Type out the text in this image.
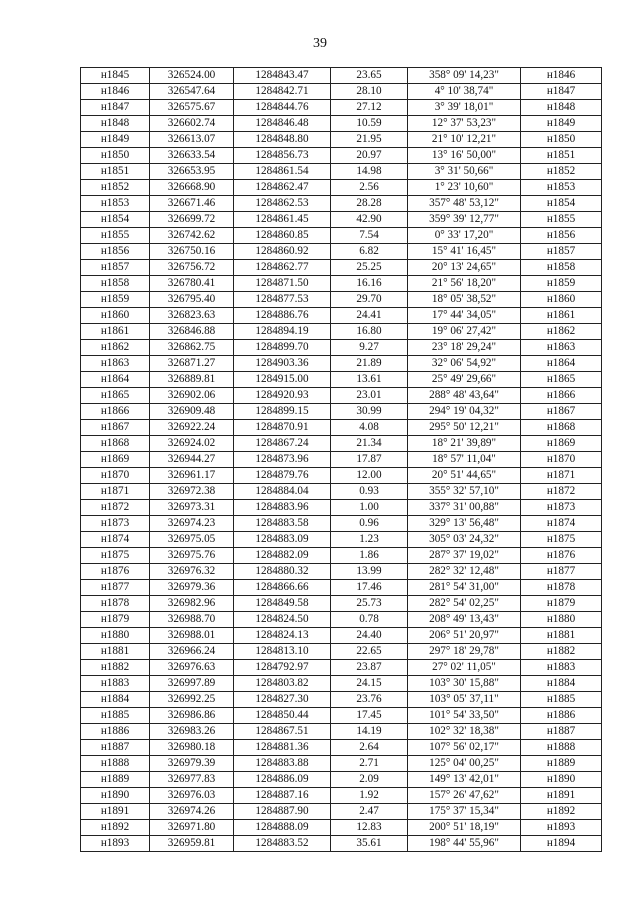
39
н1845	326524.00	1284843.47	23.65	358° 09' 14,23"	н1846
н1846	326547.64	1284842.71	28.10	4° 10' 38,74"	н1847
н1847	326575.67	1284844.76	27.12	3° 39' 18,01"	н1848
н1848	326602.74	1284846.48	10.59	12° 37' 53,23"	н1849
н1849	326613.07	1284848.80	21.95	21° 10' 12,21"	н1850
н1850	326633.54	1284856.73	20.97	13° 16' 50,00"	н1851
н1851	326653.95	1284861.54	14.98	3° 31' 50,66"	н1852
н1852	326668.90	1284862.47	2.56	1° 23' 10,60"	н1853
н1853	326671.46	1284862.53	28.28	357° 48' 53,12"	н1854
н1854	326699.72	1284861.45	42.90	359° 39' 12,77"	н1855
н1855	326742.62	1284860.85	7.54	0° 33' 17,20"	н1856
н1856	326750.16	1284860.92	6.82	15° 41' 16,45"	н1857
н1857	326756.72	1284862.77	25.25	20° 13' 24,65"	н1858
н1858	326780.41	1284871.50	16.16	21° 56' 18,20"	н1859
н1859	326795.40	1284877.53	29.70	18° 05' 38,52"	н1860
н1860	326823.63	1284886.76	24.41	17° 44' 34,05"	н1861
н1861	326846.88	1284894.19	16.80	19° 06' 27,42"	н1862
н1862	326862.75	1284899.70	9.27	23° 18' 29,24"	н1863
н1863	326871.27	1284903.36	21.89	32° 06' 54,92"	н1864
н1864	326889.81	1284915.00	13.61	25° 49' 29,66"	н1865
н1865	326902.06	1284920.93	23.01	288° 48' 43,64"	н1866
н1866	326909.48	1284899.15	30.99	294° 19' 04,32"	н1867
н1867	326922.24	1284870.91	4.08	295° 50' 12,21"	н1868
н1868	326924.02	1284867.24	21.34	18° 21' 39,89"	н1869
н1869	326944.27	1284873.96	17.87	18° 57' 11,04"	н1870
н1870	326961.17	1284879.76	12.00	20° 51' 44,65"	н1871
н1871	326972.38	1284884.04	0.93	355° 32' 57,10"	н1872
н1872	326973.31	1284883.96	1.00	337° 31' 00,88"	н1873
н1873	326974.23	1284883.58	0.96	329° 13' 56,48"	н1874
н1874	326975.05	1284883.09	1.23	305° 03' 24,32"	н1875
н1875	326975.76	1284882.09	1.86	287° 37' 19,02"	н1876
н1876	326976.32	1284880.32	13.99	282° 32' 12,48"	н1877
н1877	326979.36	1284866.66	17.46	281° 54' 31,00"	н1878
н1878	326982.96	1284849.58	25.73	282° 54' 02,25"	н1879
н1879	326988.70	1284824.50	0.78	208° 49' 13,43"	н1880
н1880	326988.01	1284824.13	24.40	206° 51' 20,97"	н1881
н1881	326966.24	1284813.10	22.65	297° 18' 29,78"	н1882
н1882	326976.63	1284792.97	23.87	27° 02' 11,05"	н1883
н1883	326997.89	1284803.82	24.15	103° 30' 15,88"	н1884
н1884	326992.25	1284827.30	23.76	103° 05' 37,11"	н1885
н1885	326986.86	1284850.44	17.45	101° 54' 33,50"	н1886
н1886	326983.26	1284867.51	14.19	102° 32' 18,38"	н1887
н1887	326980.18	1284881.36	2.64	107° 56' 02,17"	н1888
н1888	326979.39	1284883.88	2.71	125° 04' 00,25"	н1889
н1889	326977.83	1284886.09	2.09	149° 13' 42,01"	н1890
н1890	326976.03	1284887.16	1.92	157° 26' 47,62"	н1891
н1891	326974.26	1284887.90	2.47	175° 37' 15,34"	н1892
н1892	326971.80	1284888.09	12.83	200° 51' 18,19"	н1893
н1893	326959.81	1284883.52	35.61	198° 44' 55,96"	н1894
